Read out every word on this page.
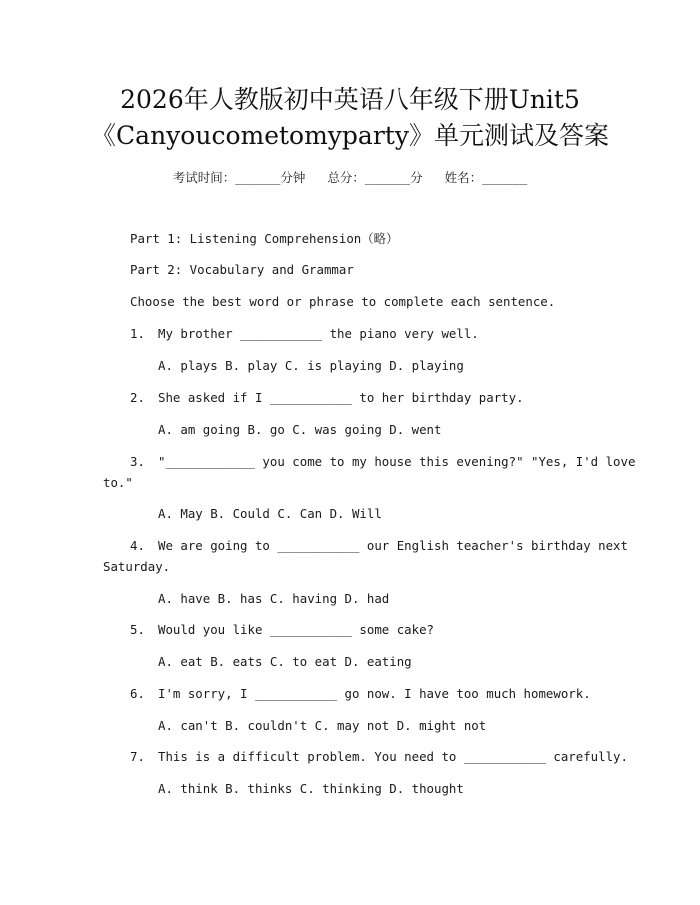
2026年人教版初中英语八年级下册Unit5
《Canyoucometomyparty》单元测试及答案
考试时间：______分钟 总分：______分 姓名：______
Part 1: Listening Comprehension（略）
Part 2: Vocabulary and Grammar
Choose the best word or phrase to complete each sentence.
1. My brother ___________ the piano very well.
A. plays B. play C. is playing D. playing
2. She asked if I ___________ to her birthday party.
A. am going B. go C. was going D. went
3. "____________ you come to my house this evening?" "Yes, I'd love
to."
A. May B. Could C. Can D. Will
4. We are going to ___________ our English teacher's birthday next
Saturday.
A. have B. has C. having D. had
5. Would you like ___________ some cake?
A. eat B. eats C. to eat D. eating
6. I'm sorry, I ___________ go now. I have too much homework.
A. can't B. couldn't C. may not D. might not
7. This is a difficult problem. You need to ___________ carefully.
A. think B. thinks C. thinking D. thought
